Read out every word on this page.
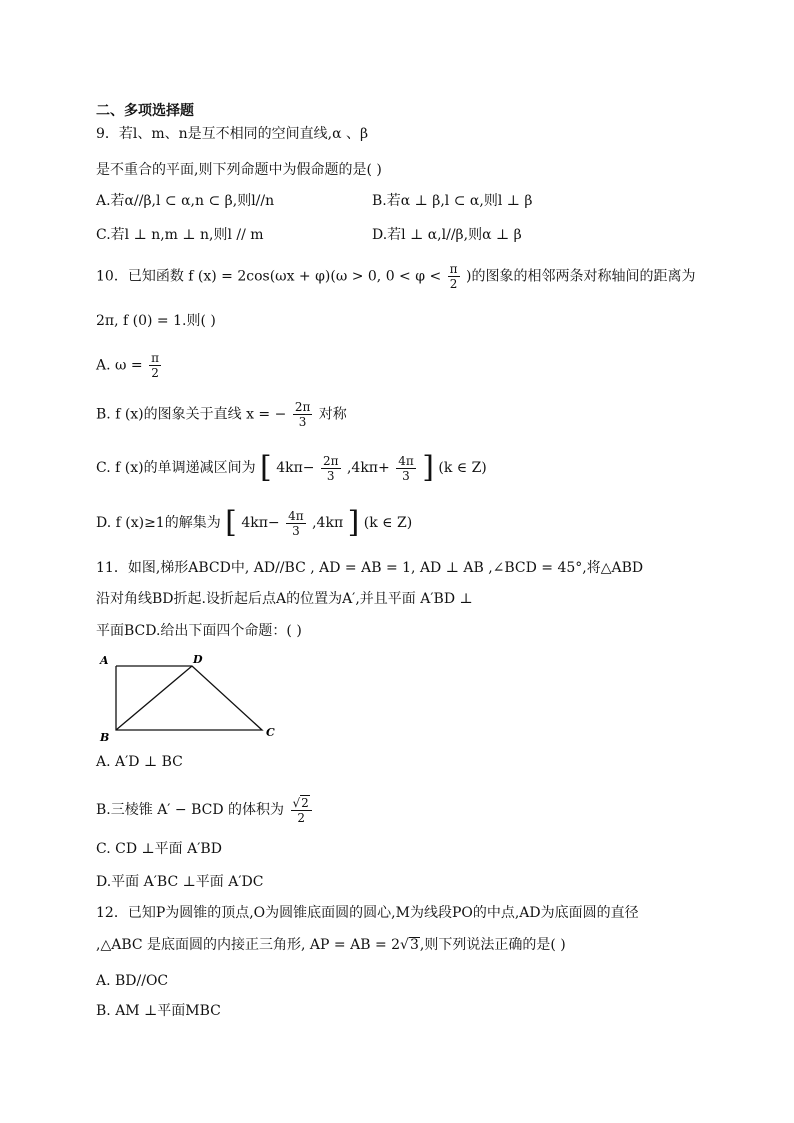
二、多项选择题
9．若l、m、n是互不相同的空间直线,α 、β
是不重合的平面,则下列命题中为假命题的是( )
A.若α//β,l ⊂ α,n ⊂ β,则l//n	B.若α ⊥ β,l ⊂ α,则l ⊥ β
C.若l ⊥ n,m ⊥ n,则l // m	D.若l ⊥ α,l//β,则α ⊥ β
10．已知函数 f (x) = 2cos(ωx + φ)(ω > 0, $0 < \varphi < \frac{\pi}{2}$ )的图象的相邻两条对称轴间的距离为
2π, f (0) = 1.则( )
A. $\omega = \frac{\pi}{2}$
B. f (x)的图象关于直线 x = − $\frac{2\pi}{3}$ 对称
C. f (x)的单调递减区间为 [ $4k\pi- \frac{2\pi}{3} ,4k\pi+ \frac{4\pi}{3}$ ] (k ∈ Z)
D. f (x)≥1的解集为 [ $4k\pi- \frac{4\pi}{3} ,4k\pi$ ] (k ∈ Z)
11．如图,梯形ABCD中, AD//BC , AD = AB = 1, AD ⊥ AB ,∠BCD = 45°,将△ABD
沿对角线BD折起.设折起后点A的位置为A′,并且平面 A′BD ⊥
平面BCD.给出下面四个命题：( )
A	D
B	C
A. A′D ⊥ BC
B.三棱锥 A′ − BCD 的体积为 $\frac{√2}{2}$
C. CD ⊥平面 A′BD
D.平面 A′BC ⊥平面 A′DC
12．已知P为圆锥的顶点,O为圆锥底面圆的圆心,M为线段PO的中点,AD为底面圆的直径
,△ABC 是底面圆的内接正三角形, AP = AB = 2√3,则下列说法正确的是( )
A. BD//OC
B. AM ⊥平面MBC
